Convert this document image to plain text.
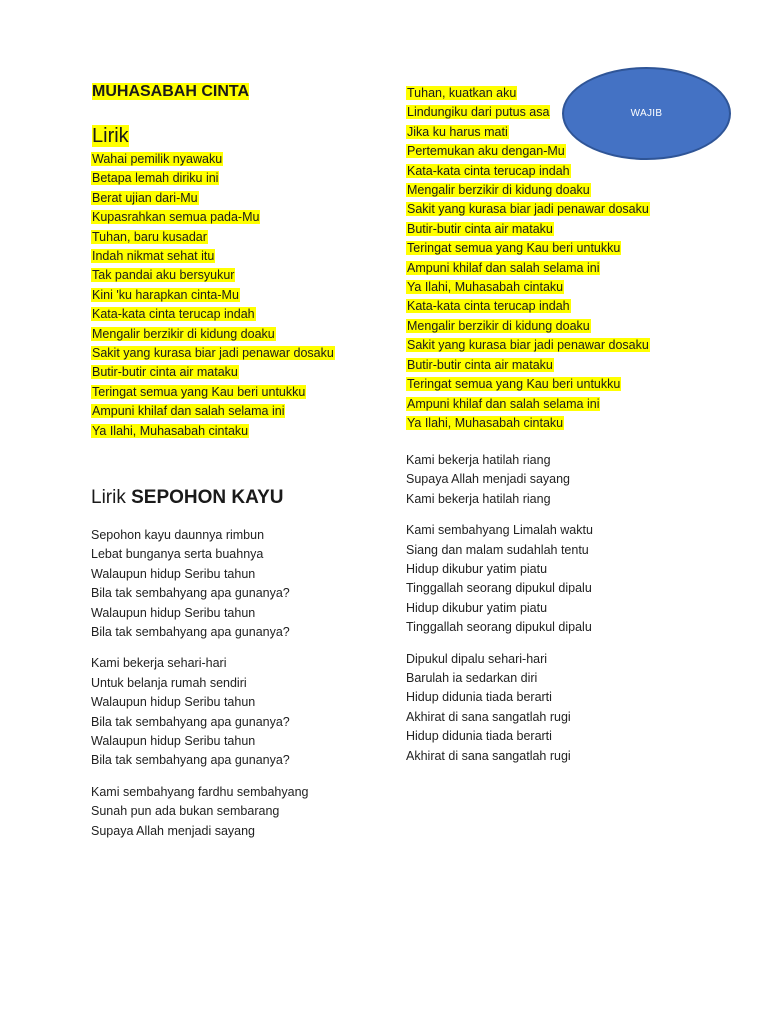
MUHASABAH CINTA
Lirik
Wahai pemilik nyawaku
Betapa lemah diriku ini
Berat ujian dari-Mu
Kupasrahkan semua pada-Mu
Tuhan, baru kusadar
Indah nikmat sehat itu
Tak pandai aku bersyukur
Kini 'ku harapkan cinta-Mu
Kata-kata cinta terucap indah
Mengalir berzikir di kidung doaku
Sakit yang kurasa biar jadi penawar dosaku
Butir-butir cinta air mataku
Teringat semua yang Kau beri untukku
Ampuni khilaf dan salah selama ini
Ya Ilahi, Muhasabah cintaku
Tuhan, kuatkan aku
Lindungiku dari putus asa
Jika ku harus mati
Pertemukan aku dengan-Mu
Kata-kata cinta terucap indah
Mengalir berzikir di kidung doaku
Sakit yang kurasa biar jadi penawar dosaku
Butir-butir cinta air mataku
Teringat semua yang Kau beri untukku
Ampuni khilaf dan salah selama ini
Ya Ilahi, Muhasabah cintaku
Kata-kata cinta terucap indah
Mengalir berzikir di kidung doaku
Sakit yang kurasa biar jadi penawar dosaku
Butir-butir cinta air mataku
Teringat semua yang Kau beri untukku
Ampuni khilaf dan salah selama ini
Ya Ilahi, Muhasabah cintaku
WAJIB
Lirik SEPOHON KAYU
Sepohon kayu daunnya rimbun
Lebat bunganya serta buahnya
Walaupun hidup Seribu tahun
Bila tak sembahyang apa gunanya?
Walaupun hidup Seribu tahun
Bila tak sembahyang apa gunanya?
Kami bekerja sehari-hari
Untuk belanja rumah sendiri
Walaupun hidup Seribu tahun
Bila tak sembahyang apa gunanya?
Walaupun hidup Seribu tahun
Bila tak sembahyang apa gunanya?
Kami sembahyang fardhu sembahyang
Sunah pun ada bukan sembarang
Supaya Allah menjadi sayang
Kami bekerja hatilah riang
Supaya Allah menjadi sayang
Kami bekerja hatilah riang
Kami sembahyang Limalah waktu
Siang dan malam sudahlah tentu
Hidup dikubur yatim piatu
Tinggallah seorang dipukul dipalu
Hidup dikubur yatim piatu
Tinggallah seorang dipukul dipalu
Dipukul dipalu sehari-hari
Barulah ia sedarkan diri
Hidup didunia tiada berarti
Akhirat di sana sangatlah rugi
Hidup didunia tiada berarti
Akhirat di sana sangatlah rugi
